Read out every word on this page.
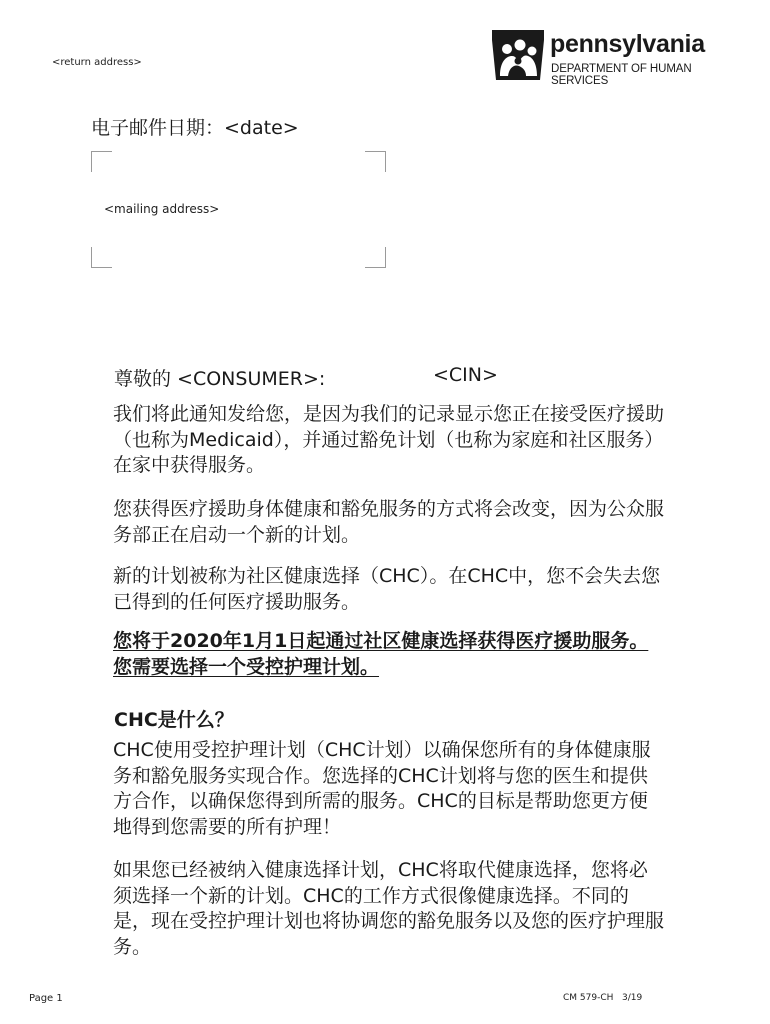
<return address>
pennsylvania
DEPARTMENT OF HUMAN SERVICES
电子邮件日期：<date>
<mailing address>
尊敬的 <CONSUMER>:	<CIN>

我们将此通知发给您，是因为我们的记录显示您正在接受医疗援助（也称为Medicaid），并通过豁免计划（也称为家庭和社区服务）在家中获得服务。

您获得医疗援助身体健康和豁免服务的方式将会改变，因为公众服务部正在启动一个新的计划。

新的计划被称为社区健康选择（CHC）。在CHC中，您不会失去您已得到的任何医疗援助服务。

您将于2020年1月1日起通过社区健康选择获得医疗援助服务。您需要选择一个受控护理计划。

CHC是什么？

CHC使用受控护理计划（CHC计划）以确保您所有的身体健康服务和豁免服务实现合作。您选择的CHC计划将与您的医生和提供方合作，以确保您得到所需的服务。CHC的目标是帮助您更方便地得到您需要的所有护理！

如果您已经被纳入健康选择计划，CHC将取代健康选择，您将必须选择一个新的计划。CHC的工作方式很像健康选择。不同的是，现在受控护理计划也将协调您的豁免服务以及您的医疗护理服务。

Page 1	CM 579-CH   3/19
